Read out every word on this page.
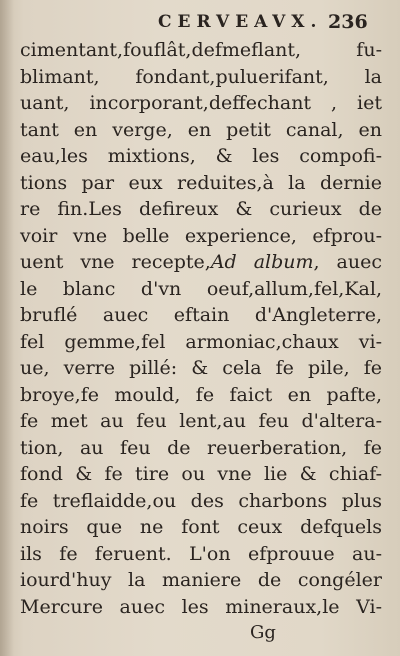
CERVEAVX. 236
cimentant,fouflât,defmeflant, fu-
blimant, fondant,puluerifant, la
uant, incorporant,deffechant , iet
tant en verge, en petit canal, en
eau,les mixtions, & les compofi-
tions par eux reduites,à la dernie
re fin.Les defireux & curieux de
voir vne belle experience, efprou-
uent vne recepte,Ad album, auec
le blanc d'vn oeuf,allum,fel,Kal,
bruflé auec eftain d'Angleterre,
fel gemme,fel armoniac,chaux vi-
ue, verre pillé: & cela fe pile, fe
broye,fe mould, fe faict en pafte,
fe met au feu lent,au feu d'altera-
tion, au feu de reuerberation, fe
fond & fe tire ou vne lie & chiaf-
fe treflaidde,ou des charbons plus
noirs que ne font ceux defquels
ils fe feruent. L'on efprouue au-
iourd'huy la maniere de congéler
Mercure auec les mineraux,le Vi-
Gg
